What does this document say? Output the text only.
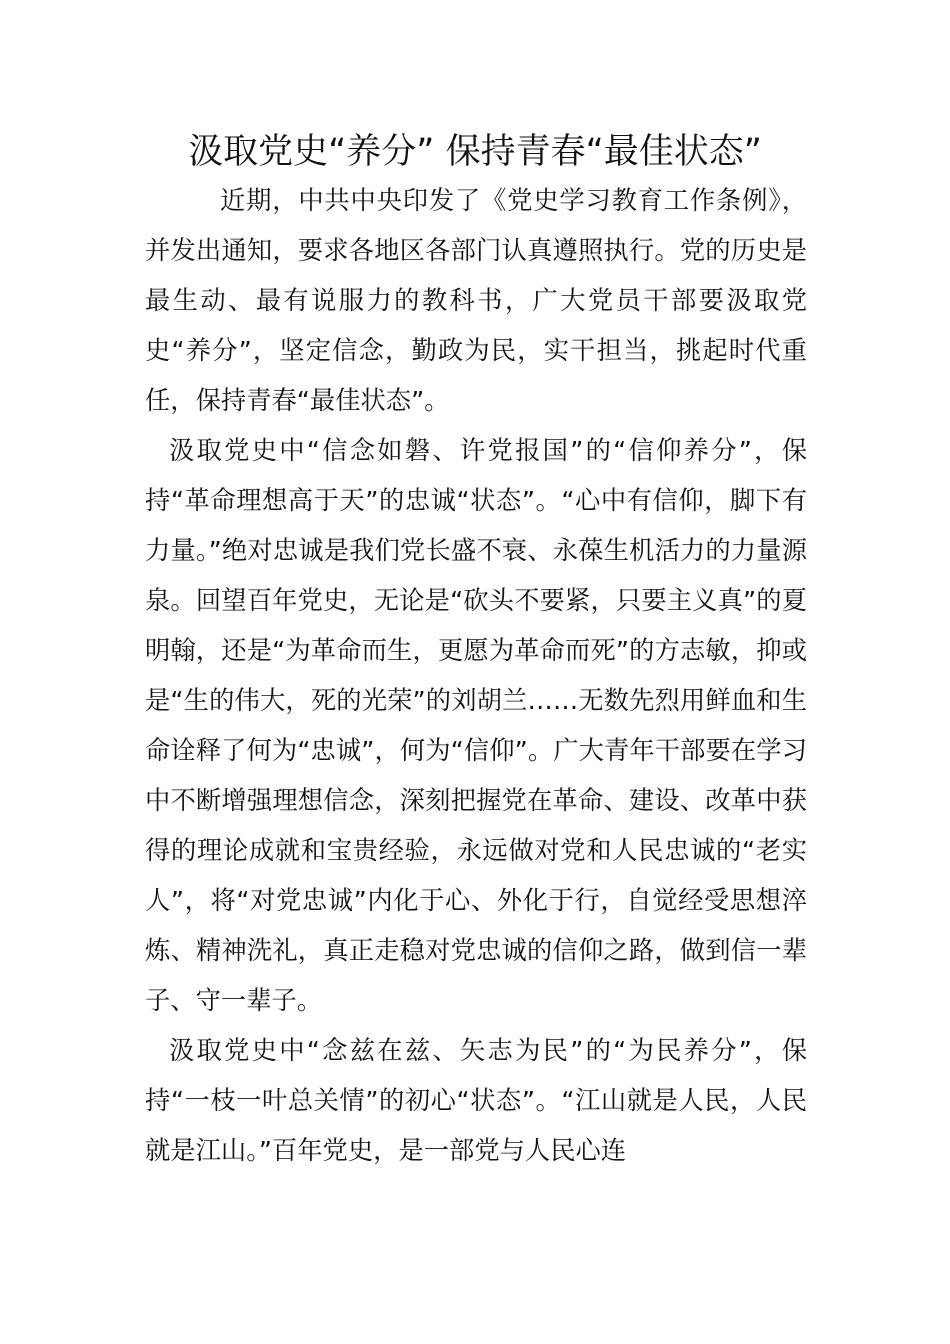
汲取党史“养分” 保持青春“最佳状态”

近期，中共中央印发了《党史学习教育工作条例》，并发出通知，要求各地区各部门认真遵照执行。党的历史是最生动、最有说服力的教科书，广大党员干部要汲取党史“养分”，坚定信念，勤政为民，实干担当，挑起时代重任，保持青春“最佳状态”。

汲取党史中“信念如磐、许党报国”的“信仰养分”，保持“革命理想高于天”的忠诚“状态”。“心中有信仰，脚下有力量。”绝对忠诚是我们党长盛不衰、永葆生机活力的力量源泉。回望百年党史，无论是“砍头不要紧，只要主义真”的夏明翰，还是“为革命而生，更愿为革命而死”的方志敏，抑或是“生的伟大，死的光荣”的刘胡兰……无数先烈用鲜血和生命诠释了何为“忠诚”，何为“信仰”。广大青年干部要在学习中不断增强理想信念，深刻把握党在革命、建设、改革中获得的理论成就和宝贵经验，永远做对党和人民忠诚的“老实人”，将“对党忠诚”内化于心、外化于行，自觉经受思想淬炼、精神洗礼，真正走稳对党忠诚的信仰之路，做到信一辈子、守一辈子。

汲取党史中“念兹在兹、矢志为民”的“为民养分”，保持“一枝一叶总关情”的初心“状态”。“江山就是人民，人民就是江山。”百年党史，是一部党与人民心连
